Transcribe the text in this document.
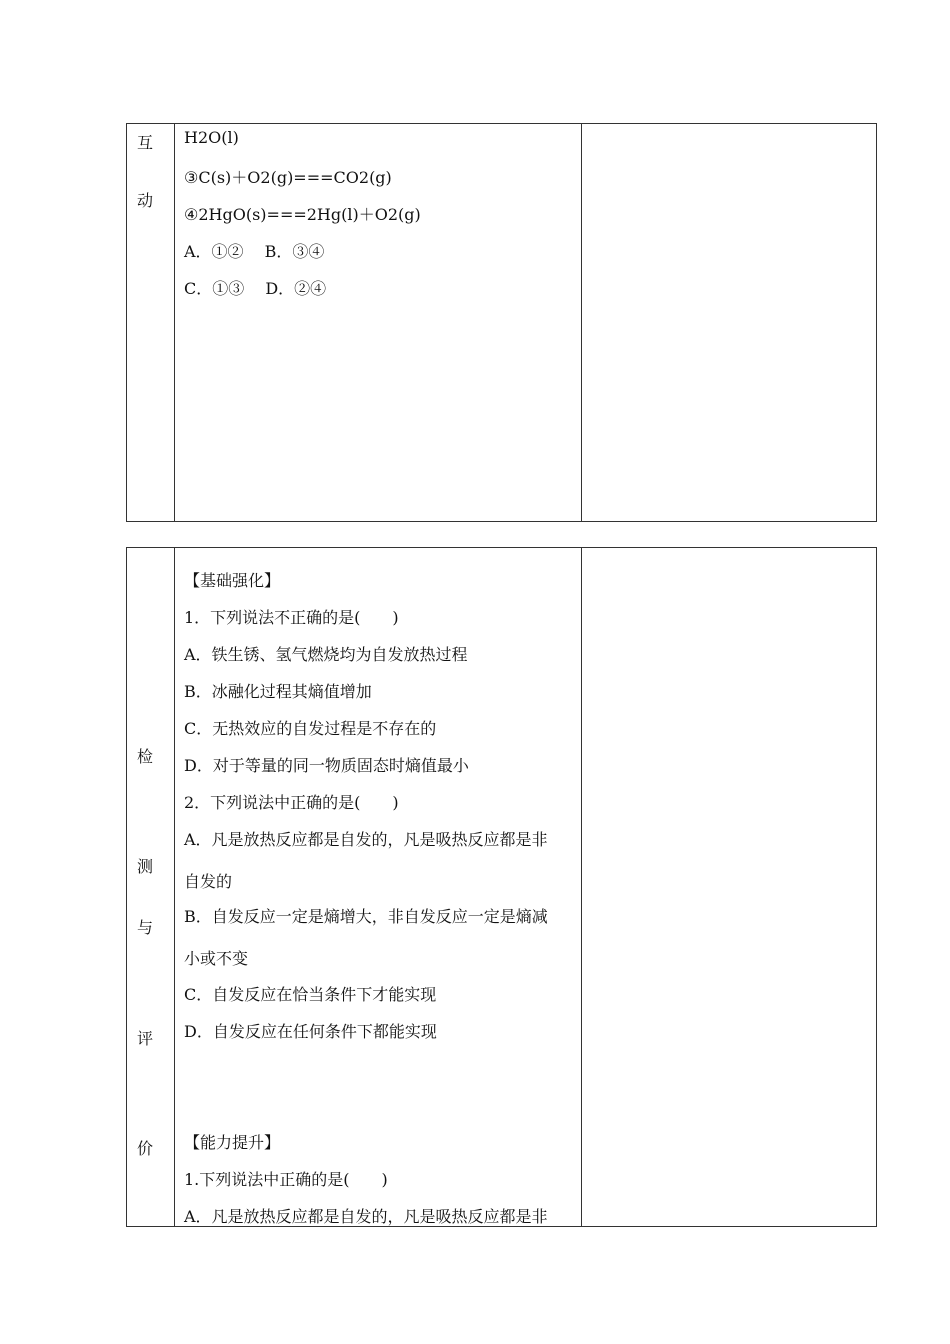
互
动
H2O(l)
③C(s)＋O2(g)===CO2(g)
④2HgO(s)===2Hg(l)＋O2(g)
A．①②　 B．③④
C．①③　 D．②④
检
测
与
评
价
【基础强化】
1．下列说法不正确的是(　　)
A．铁生锈、氢气燃烧均为自发放热过程
B．冰融化过程其熵值增加
C．无热效应的自发过程是不存在的
D．对于等量的同一物质固态时熵值最小
2．下列说法中正确的是(　　)
A．凡是放热反应都是自发的，凡是吸热反应都是非
自发的
B．自发反应一定是熵增大，非自发反应一定是熵减
小或不变
C．自发反应在恰当条件下才能实现
D．自发反应在任何条件下都能实现
【能力提升】
1.下列说法中正确的是(　　)
A．凡是放热反应都是自发的，凡是吸热反应都是非
